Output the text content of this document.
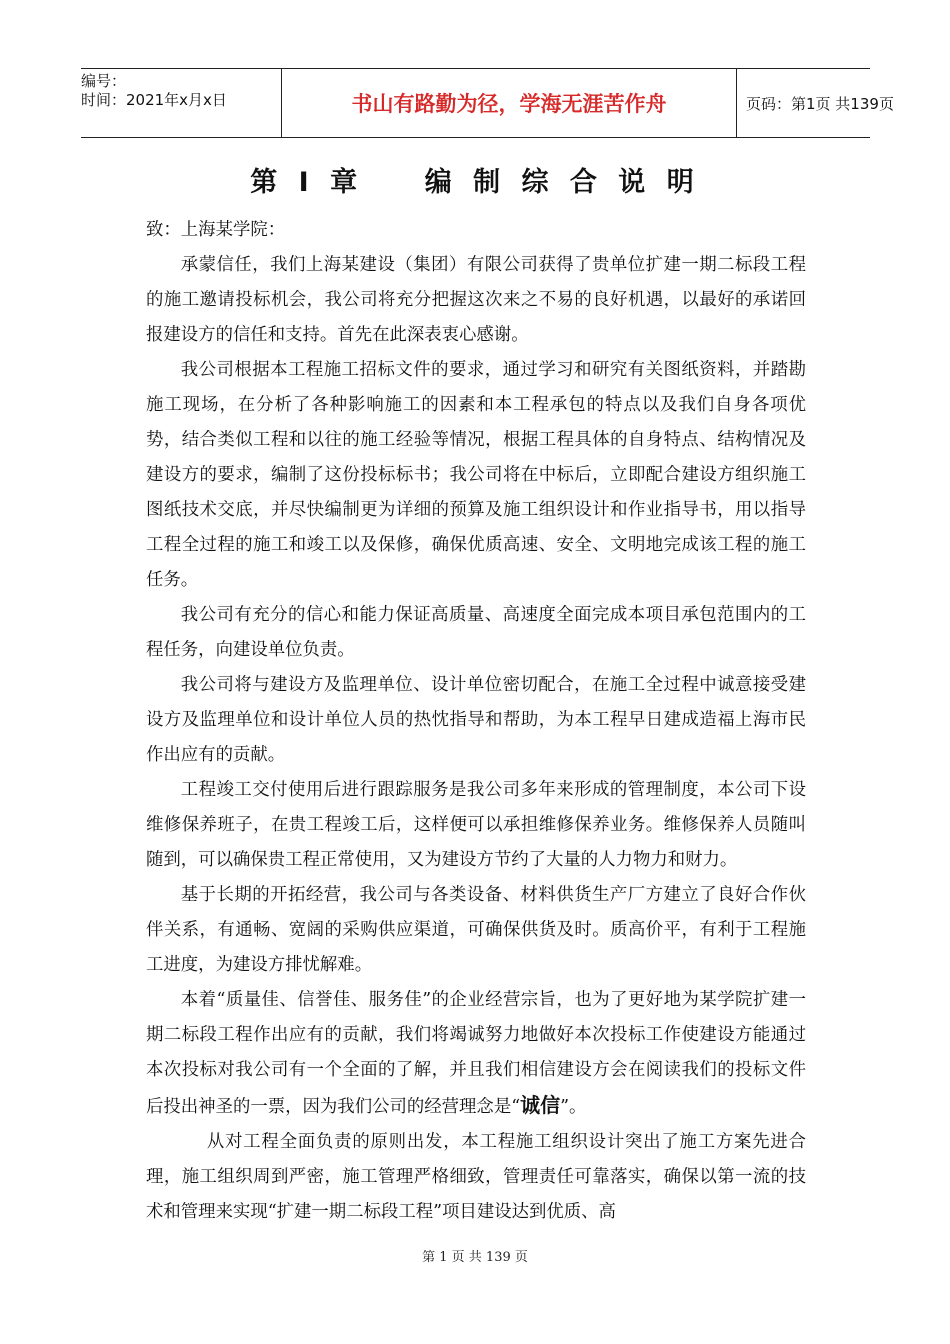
编号：
时间：2021年x月x日	书山有路勤为径，学海无涯苦作舟	页码：第1页 共139页
第 I 章    编 制 综 合 说 明

致：上海某学院：

承蒙信任，我们上海某建设（集团）有限公司获得了贵单位扩建一期二标段工程的施工邀请投标机会，我公司将充分把握这次来之不易的良好机遇，以最好的承诺回报建设方的信任和支持。首先在此深表衷心感谢。

我公司根据本工程施工招标文件的要求，通过学习和研究有关图纸资料，并踏勘施工现场，在分析了各种影响施工的因素和本工程承包的特点以及我们自身各项优势，结合类似工程和以往的施工经验等情况，根据工程具体的自身特点、结构情况及建设方的要求，编制了这份投标标书；我公司将在中标后，立即配合建设方组织施工图纸技术交底，并尽快编制更为详细的预算及施工组织设计和作业指导书，用以指导工程全过程的施工和竣工以及保修，确保优质高速、安全、文明地完成该工程的施工任务。

我公司有充分的信心和能力保证高质量、高速度全面完成本项目承包范围内的工程任务，向建设单位负责。

我公司将与建设方及监理单位、设计单位密切配合，在施工全过程中诚意接受建设方及监理单位和设计单位人员的热忱指导和帮助，为本工程早日建成造福上海市民作出应有的贡献。

工程竣工交付使用后进行跟踪服务是我公司多年来形成的管理制度，本公司下设维修保养班子，在贵工程竣工后，这样便可以承担维修保养业务。维修保养人员随叫随到，可以确保贵工程正常使用，又为建设方节约了大量的人力物力和财力。

基于长期的开拓经营，我公司与各类设备、材料供货生产厂方建立了良好合作伙伴关系，有通畅、宽阔的采购供应渠道，可确保供货及时。质高价平，有利于工程施工进度，为建设方排忧解难。

本着“质量佳、信誉佳、服务佳”的企业经营宗旨，也为了更好地为某学院扩建一期二标段工程作出应有的贡献，我们将竭诚努力地做好本次投标工作使建设方能通过本次投标对我公司有一个全面的了解，并且我们相信建设方会在阅读我们的投标文件后投出神圣的一票，因为我们公司的经营理念是“诚信”。

从对工程全面负责的原则出发，本工程施工组织设计突出了施工方案先进合理，施工组织周到严密，施工管理严格细致，管理责任可靠落实，确保以第一流的技术和管理来实现“扩建一期二标段工程”项目建设达到优质、高

第 1 页 共 139 页
